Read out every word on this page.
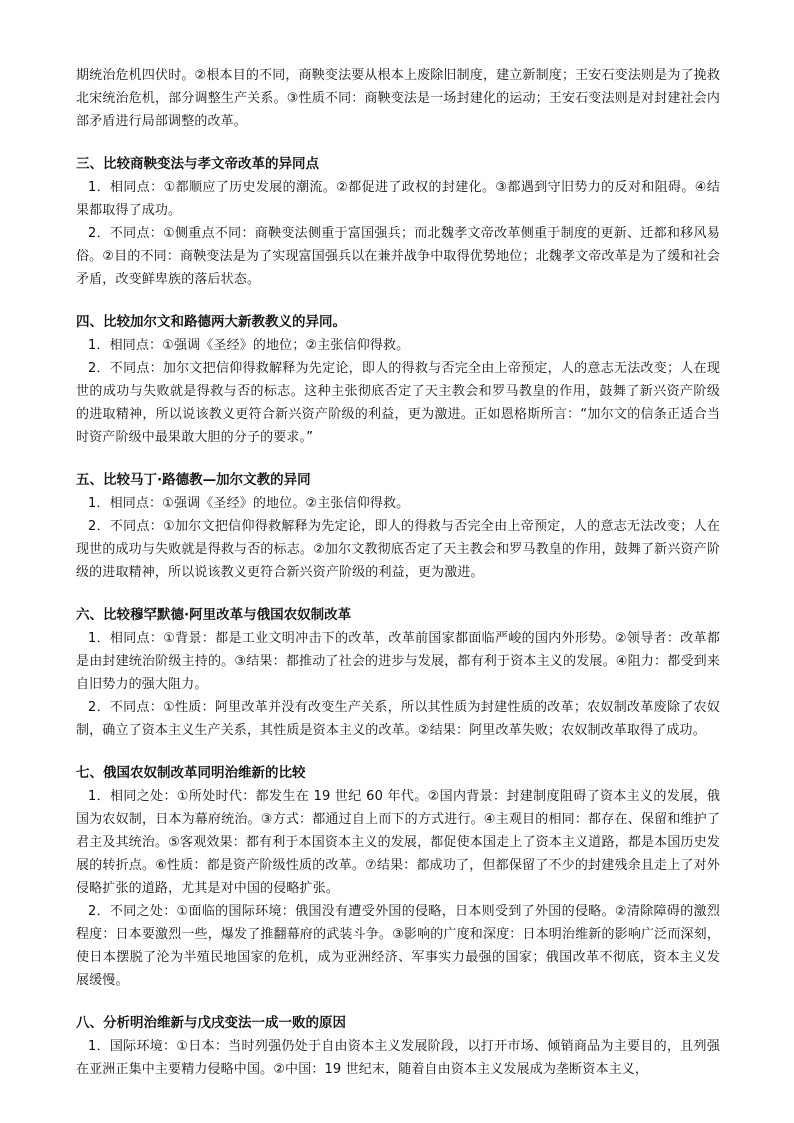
期统治危机四伏时。②根本目的不同，商鞅变法要从根本上废除旧制度，建立新制度；王安石变法则是为了挽救北宋统治危机，部分调整生产关系。③性质不同：商鞅变法是一场封建化的运动；王安石变法则是对封建社会内部矛盾进行局部调整的改革。

三、比较商鞅变法与孝文帝改革的异同点

1．相同点：①都顺应了历史发展的潮流。②都促进了政权的封建化。③都遇到守旧势力的反对和阻碍。④结果都取得了成功。

2．不同点：①侧重点不同：商鞅变法侧重于富国强兵；而北魏孝文帝改革侧重于制度的更新、迁都和移风易俗。②目的不同：商鞅变法是为了实现富国强兵以在兼并战争中取得优势地位；北魏孝文帝改革是为了缓和社会矛盾，改变鲜卑族的落后状态。

四、比较加尔文和路德两大新教教义的异同。

1．相同点：①强调《圣经》的地位；②主张信仰得救。

2．不同点：加尔文把信仰得救解释为先定论，即人的得救与否完全由上帝预定，人的意志无法改变；人在现世的成功与失败就是得救与否的标志。这种主张彻底否定了天主教会和罗马教皇的作用，鼓舞了新兴资产阶级的进取精神，所以说该教义更符合新兴资产阶级的利益，更为激进。正如恩格斯所言：“加尔文的信条正适合当时资产阶级中最果敢大胆的分子的要求。”

五、比较马丁·路德教—加尔文教的异同

1．相同点：①强调《圣经》的地位。②主张信仰得救。

2．不同点：①加尔文把信仰得救解释为先定论，即人的得救与否完全由上帝预定，人的意志无法改变；人在现世的成功与失败就是得救与否的标志。②加尔文教彻底否定了天主教会和罗马教皇的作用，鼓舞了新兴资产阶级的进取精神，所以说该教义更符合新兴资产阶级的利益，更为激进。

六、比较穆罕默德·阿里改革与俄国农奴制改革

1．相同点：①背景：都是工业文明冲击下的改革，改革前国家都面临严峻的国内外形势。②领导者：改革都是由封建统治阶级主持的。③结果：都推动了社会的进步与发展，都有利于资本主义的发展。④阻力：都受到来自旧势力的强大阻力。

2．不同点：①性质：阿里改革并没有改变生产关系，所以其性质为封建性质的改革；农奴制改革废除了农奴制，确立了资本主义生产关系，其性质是资本主义的改革。②结果：阿里改革失败；农奴制改革取得了成功。

七、俄国农奴制改革同明治维新的比较

1．相同之处：①所处时代：都发生在 19 世纪 60 年代。②国内背景：封建制度阻碍了资本主义的发展，俄国为农奴制，日本为幕府统治。③方式：都通过自上而下的方式进行。④主观目的相同：都存在、保留和维护了君主及其统治。⑤客观效果：都有利于本国资本主义的发展，都促使本国走上了资本主义道路，都是本国历史发展的转折点。⑥性质：都是资产阶级性质的改革。⑦结果：都成功了，但都保留了不少的封建残余且走上了对外侵略扩张的道路，尤其是对中国的侵略扩张。

2．不同之处：①面临的国际环境：俄国没有遭受外国的侵略，日本则受到了外国的侵略。②清除障碍的激烈程度：日本要激烈一些，爆发了推翻幕府的武装斗争。③影响的广度和深度：日本明治维新的影响广泛而深刻，使日本摆脱了沦为半殖民地国家的危机，成为亚洲经济、军事实力最强的国家；俄国改革不彻底，资本主义发展缓慢。

八、分析明治维新与戊戌变法一成一败的原因

1．国际环境：①日本：当时列强仍处于自由资本主义发展阶段，以打开市场、倾销商品为主要目的，且列强在亚洲正集中主要精力侵略中国。②中国：19 世纪末，随着自由资本主义发展成为垄断资本主义，
